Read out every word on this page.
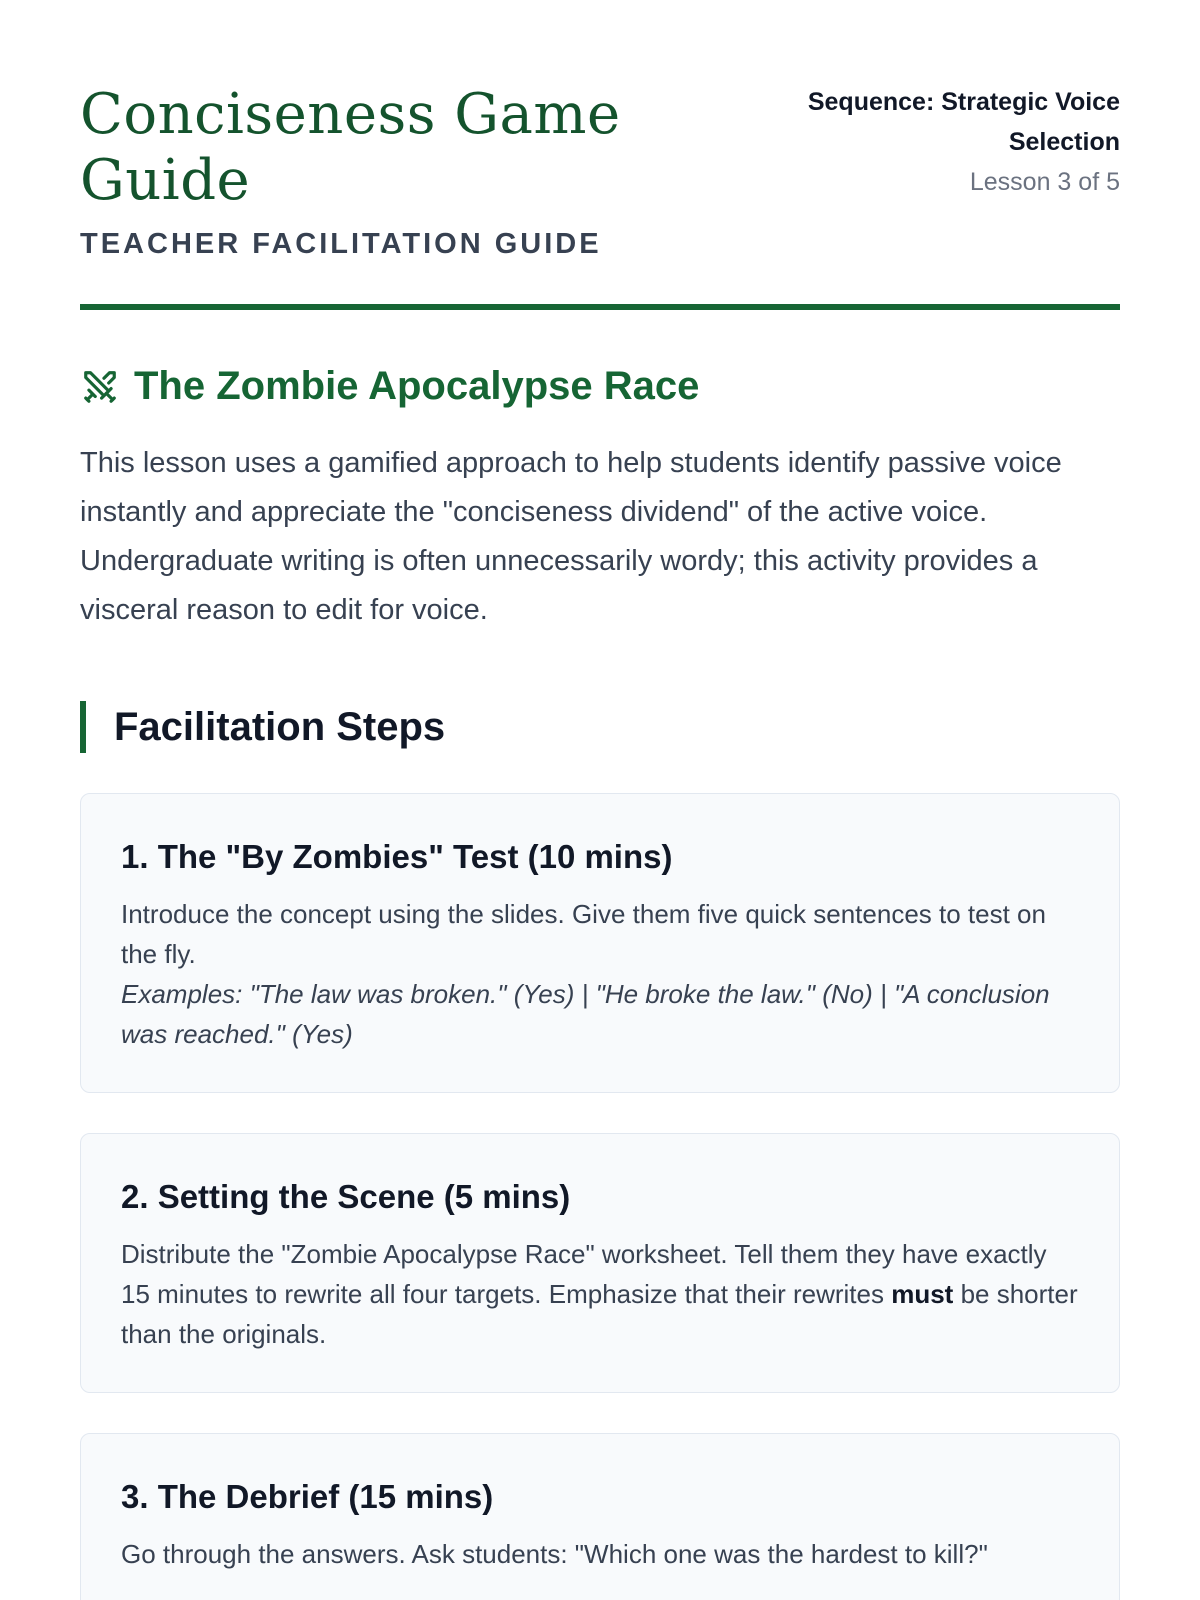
Conciseness Game Guide
TEACHER FACILITATION GUIDE
Sequence: Strategic Voice Selection
Lesson 3 of 5
The Zombie Apocalypse Race
This lesson uses a gamified approach to help students identify passive voice instantly and appreciate the "conciseness dividend" of the active voice. Undergraduate writing is often unnecessarily wordy; this activity provides a visceral reason to edit for voice.
Facilitation Steps
1. The "By Zombies" Test (10 mins)
Introduce the concept using the slides. Give them five quick sentences to test on the fly.
Examples: "The law was broken." (Yes) | "He broke the law." (No) | "A conclusion was reached." (Yes)
2. Setting the Scene (5 mins)
Distribute the "Zombie Apocalypse Race" worksheet. Tell them they have exactly 15 minutes to rewrite all four targets. Emphasize that their rewrites must be shorter than the originals.
3. The Debrief (15 mins)
Go through the answers. Ask students: "Which one was the hardest to kill?"
